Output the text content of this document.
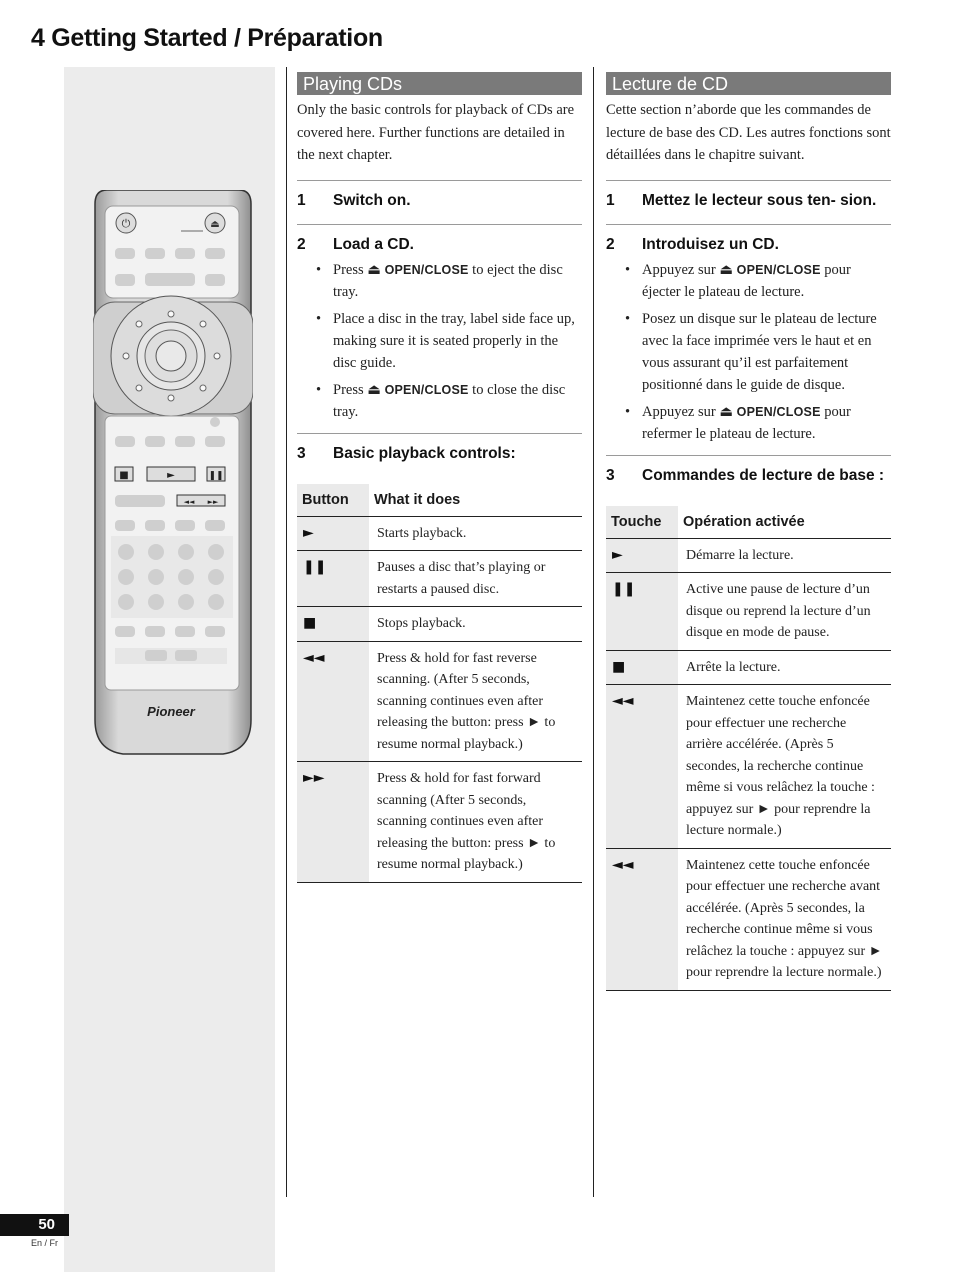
4 Getting Started / Préparation
⏻	⏏
■	►	❚❚
◄◄ ►►
Pioneer
Playing CDs

Only the basic controls for playback of CDs are covered here. Further functions are detailed in the next chapter.

1	Switch on.
2	Load a CD.
• Press ⏏ OPEN/CLOSE to eject the disc tray.
• Place a disc in the tray, label side face up, making sure it is seated properly in the disc guide.
• Press ⏏ OPEN/CLOSE to close the disc tray.
3	Basic playback controls:
Button	What it does
►	Starts playback.
❚❚	Pauses a disc that’s playing or restarts a paused disc.
■	Stops playback.
◄◄	Press & hold for fast reverse scanning. (After 5 seconds, scanning continues even after releasing the button: press ► to resume normal playback.)
►►	Press & hold for fast forward scanning (After 5 seconds, scanning continues even after releasing the button: press ► to resume normal playback.)
Lecture de CD

Cette section n’aborde que les commandes de lecture de base des CD. Les autres fonctions sont détaillées dans le chapitre suivant.

1	Mettez le lecteur sous ten- sion.
2	Introduisez un CD.
• Appuyez sur ⏏ OPEN/CLOSE pour éjecter le plateau de lecture.
• Posez un disque sur le plateau de lecture avec la face imprimée vers le haut et en vous assurant qu’il est parfaitement positionné dans le guide de disque.
• Appuyez sur ⏏ OPEN/CLOSE pour refermer le plateau de lecture.
3	Commandes de lecture de base :
Touche	Opération activée
►	Démarre la lecture.
❚❚	Active une pause de lecture d’un disque ou reprend la lecture d’un disque en mode de pause.
■	Arrête la lecture.
◄◄	Maintenez cette touche enfoncée pour effectuer une recherche arrière accélérée. (Après 5 secondes, la recherche continue même si vous relâchez la touche : appuyez sur ► pour reprendre la lecture normale.)
◄◄	Maintenez cette touche enfoncée pour effectuer une recherche avant accélérée. (Après 5 secondes, la recherche continue même si vous relâchez la touche : appuyez sur ► pour reprendre la lecture normale.)
50
En / Fr
